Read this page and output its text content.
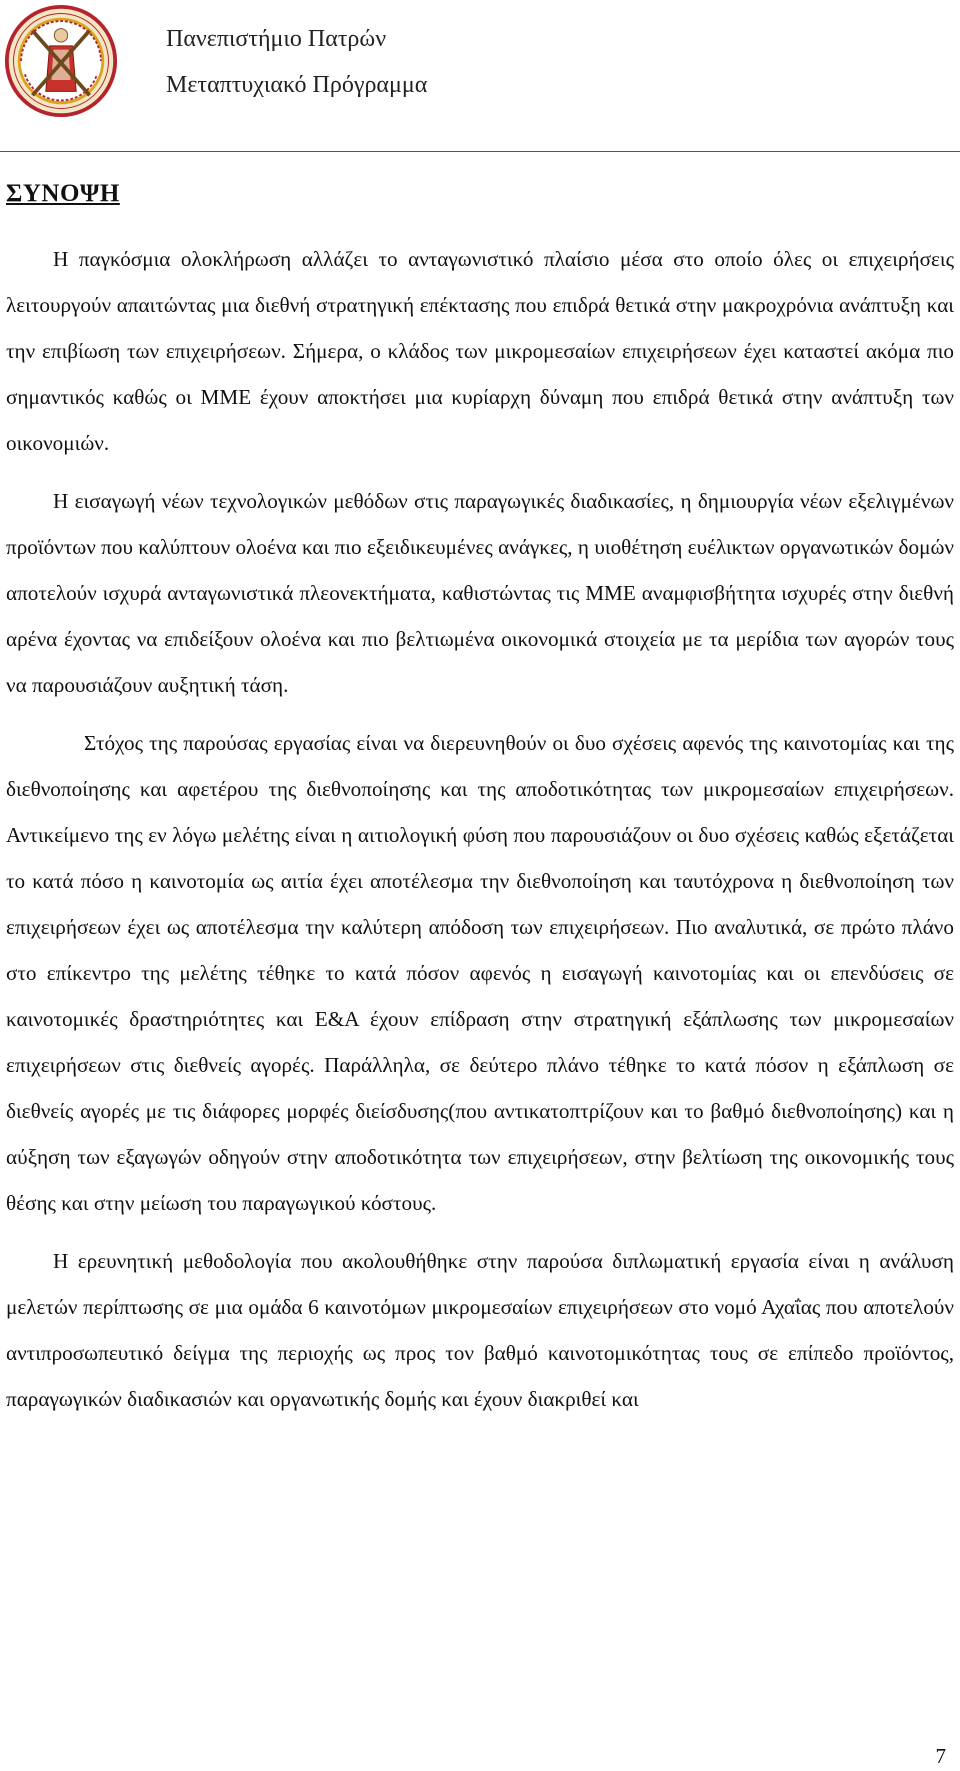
Πανεπιστήμιο Πατρών
Μεταπτυχιακό Πρόγραμμα
ΣΥΝΟΨΗ

Η παγκόσμια ολοκλήρωση αλλάζει το ανταγωνιστικό πλαίσιο μέσα στο οποίο όλες οι επιχειρήσεις λειτουργούν απαιτώντας μια διεθνή στρατηγική επέκτασης που επιδρά θετικά στην μακροχρόνια ανάπτυξη και την επιβίωση των επιχειρήσεων. Σήμερα, ο κλάδος των μικρομεσαίων επιχειρήσεων έχει καταστεί ακόμα πιο σημαντικός καθώς οι ΜΜΕ έχουν αποκτήσει μια κυρίαρχη δύναμη που επιδρά θετικά στην ανάπτυξη των οικονομιών.

Η εισαγωγή νέων τεχνολογικών μεθόδων στις παραγωγικές διαδικασίες, η δημιουργία νέων εξελιγμένων προϊόντων που καλύπτουν ολοένα και πιο εξειδικευμένες ανάγκες, η υιοθέτηση ευέλικτων οργανωτικών δομών αποτελούν ισχυρά ανταγωνιστικά πλεονεκτήματα, καθιστώντας τις ΜΜΕ αναμφισβήτητα ισχυρές στην διεθνή αρένα έχοντας να επιδείξουν ολοένα και πιο βελτιωμένα οικονομικά στοιχεία με τα μερίδια των αγορών τους να παρουσιάζουν αυξητική τάση.

Στόχος της παρούσας εργασίας είναι να διερευνηθούν οι δυο σχέσεις αφενός της καινοτομίας και της διεθνοποίησης και αφετέρου της διεθνοποίησης και της αποδοτικότητας των μικρομεσαίων επιχειρήσεων. Αντικείμενο της εν λόγω μελέτης είναι η αιτιολογική φύση που παρουσιάζουν οι δυο σχέσεις καθώς εξετάζεται το κατά πόσο η καινοτομία ως αιτία έχει αποτέλεσμα την διεθνοποίηση και ταυτόχρονα η διεθνοποίηση των επιχειρήσεων έχει ως αποτέλεσμα την καλύτερη απόδοση των επιχειρήσεων. Πιο αναλυτικά, σε πρώτο πλάνο στο επίκεντρο της μελέτης τέθηκε το κατά πόσον αφενός η εισαγωγή καινοτομίας και οι επενδύσεις σε καινοτομικές δραστηριότητες και Ε&Α έχουν επίδραση στην στρατηγική εξάπλωσης των μικρομεσαίων επιχειρήσεων στις διεθνείς αγορές. Παράλληλα, σε δεύτερο πλάνο τέθηκε το κατά πόσον η εξάπλωση σε διεθνείς αγορές με τις διάφορες μορφές διείσδυσης(που αντικατοπτρίζουν και το βαθμό διεθνοποίησης) και η αύξηση των εξαγωγών οδηγούν στην αποδοτικότητα των επιχειρήσεων, στην βελτίωση της οικονομικής τους θέσης και στην μείωση του παραγωγικού κόστους.

Η ερευνητική μεθοδολογία που ακολουθήθηκε στην παρούσα διπλωματική εργασία είναι η ανάλυση μελετών περίπτωσης σε μια ομάδα 6 καινοτόμων μικρομεσαίων επιχειρήσεων στο νομό Αχαΐας που αποτελούν αντιπροσωπευτικό δείγμα της περιοχής ως προς τον βαθμό καινοτομικότητας τους σε επίπεδο προϊόντος, παραγωγικών διαδικασιών και οργανωτικής δομής και έχουν διακριθεί και

7
